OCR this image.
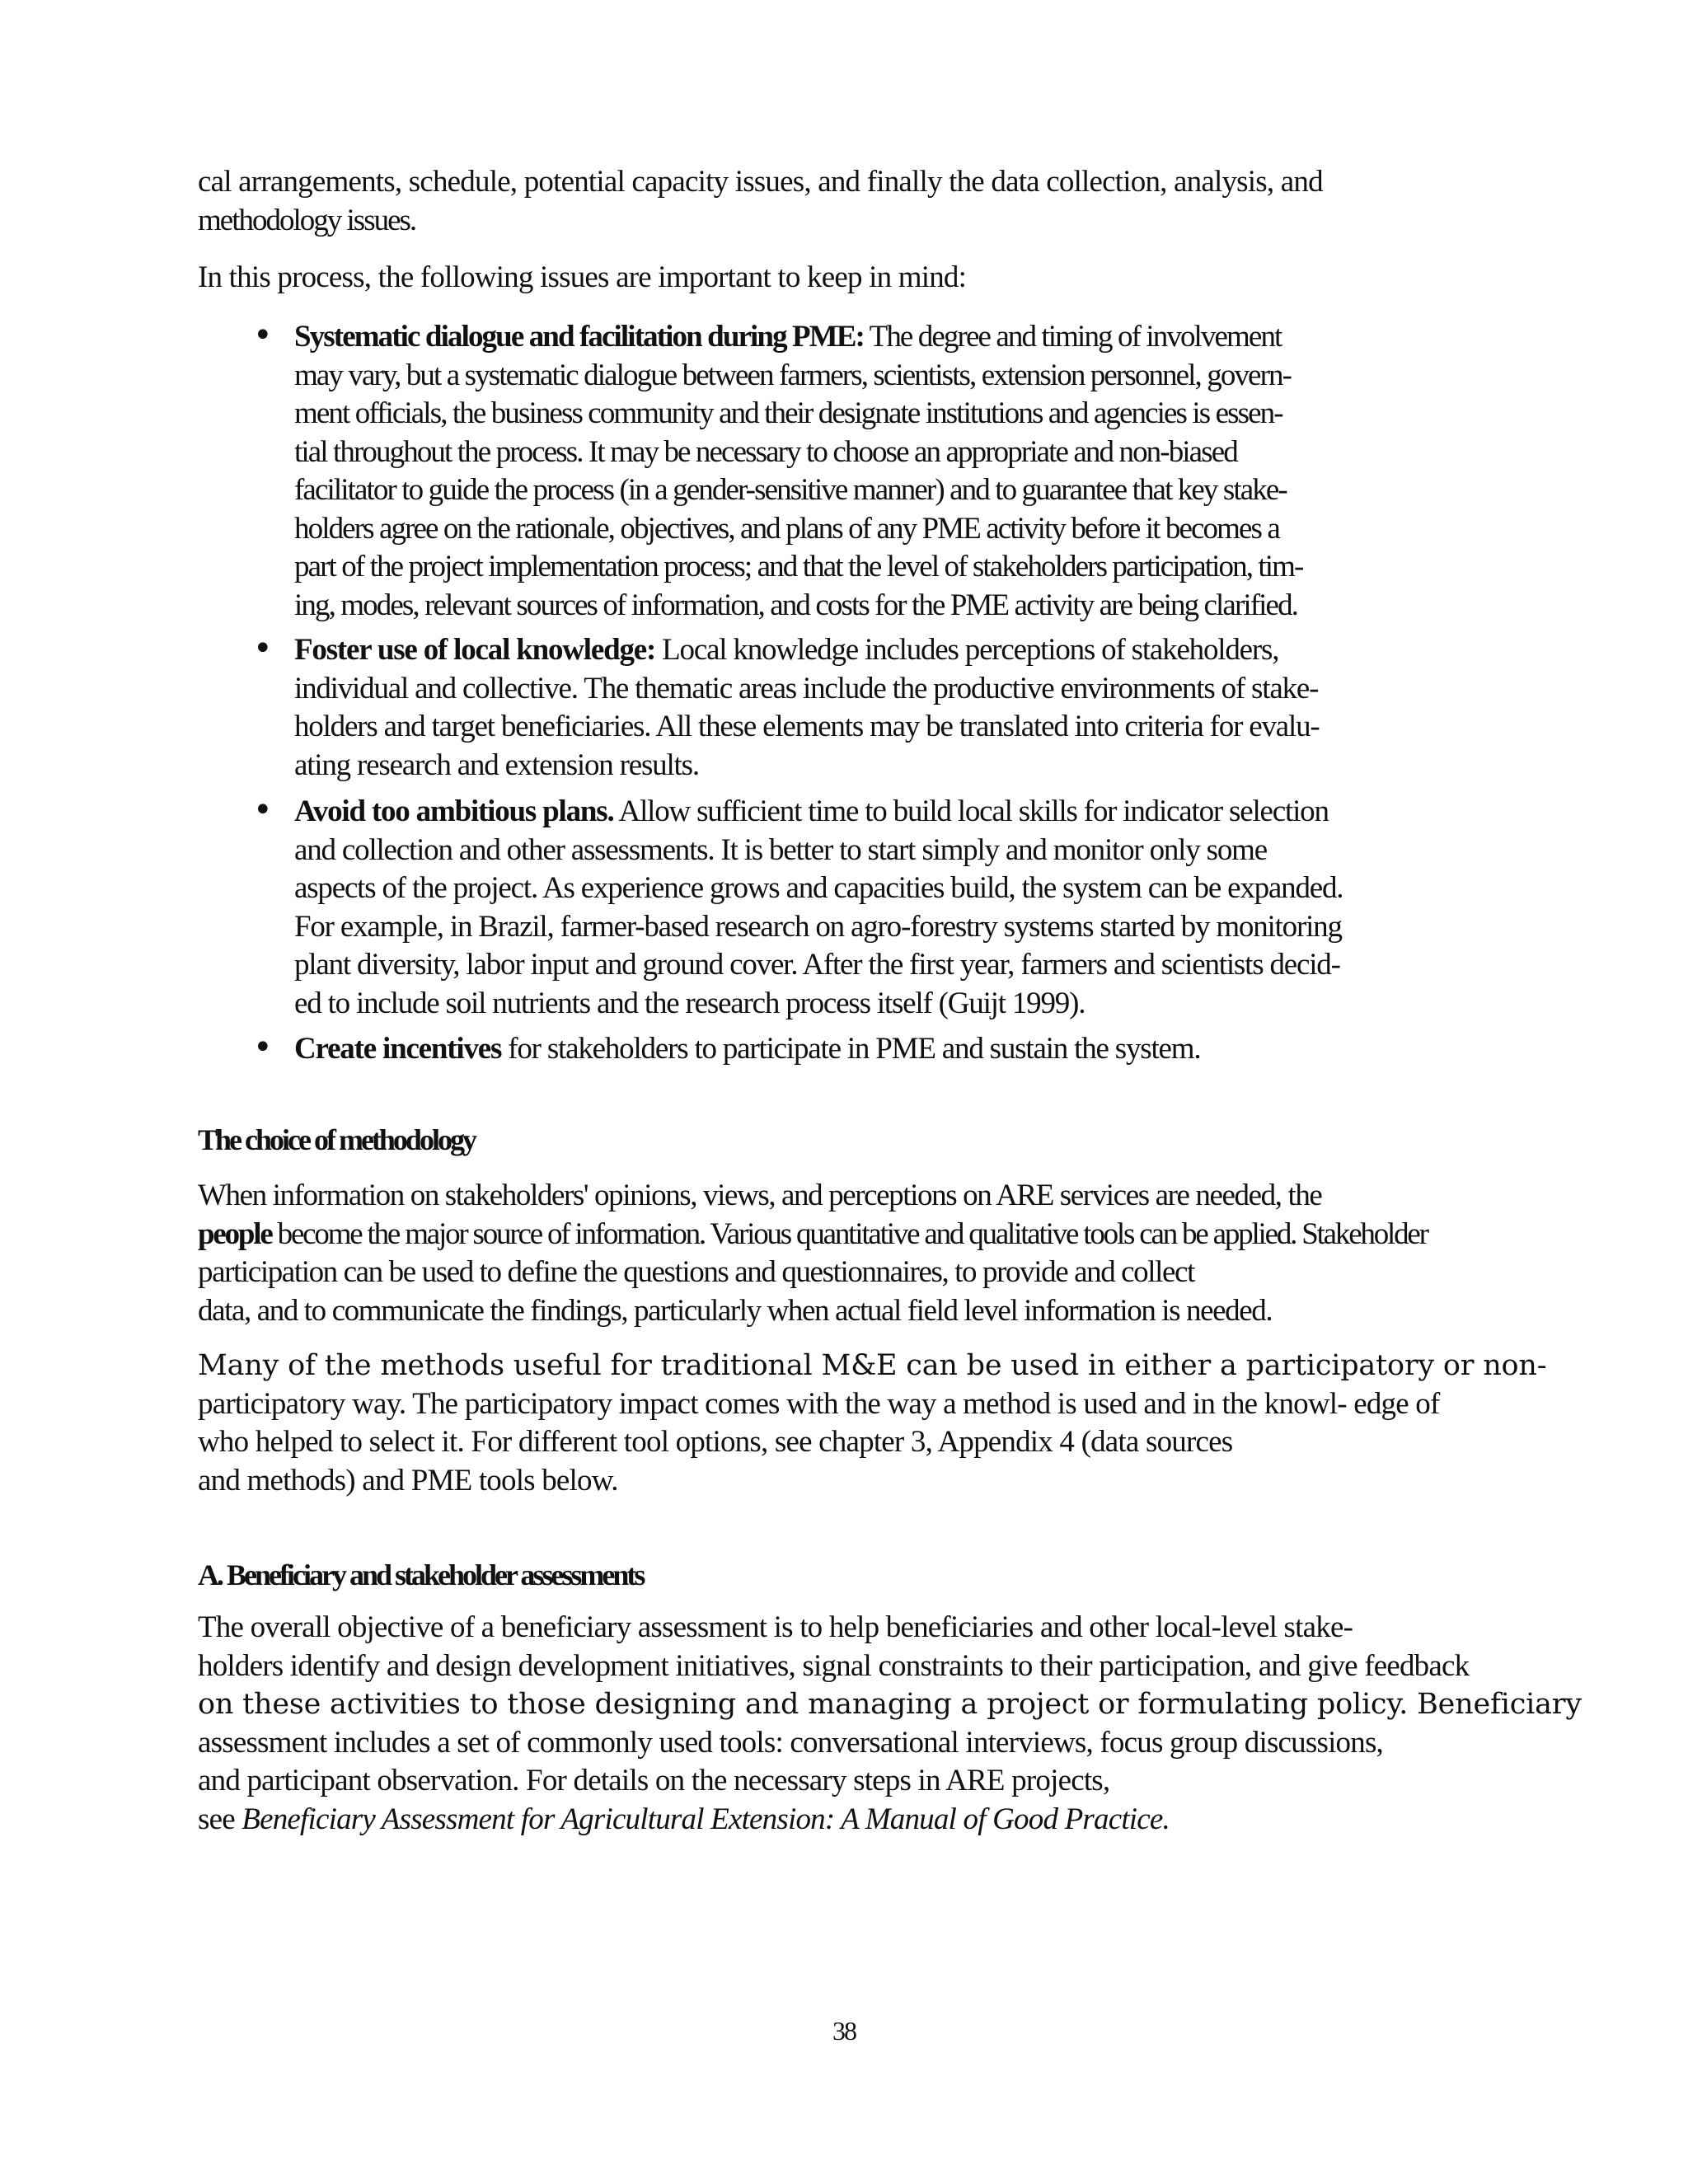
cal arrangements, schedule, potential capacity issues, and finally the data collection, analysis, and
methodology issues.

In this process, the following issues are important to keep in mind:

• Systematic dialogue and facilitation during PME: The degree and timing of involvement
may vary, but a systematic dialogue between farmers, scientists, extension personnel, govern-
ment officials, the business community and their designate institutions and agencies is essen-
tial throughout the process. It may be necessary to choose an appropriate and non-biased
facilitator to guide the process (in a gender-sensitive manner) and to guarantee that key stake-
holders agree on the rationale, objectives, and plans of any PME activity before it becomes a
part of the project implementation process; and that the level of stakeholders participation, tim-
ing, modes, relevant sources of information, and costs for the PME activity are being clarified.
• Foster use of local knowledge: Local knowledge includes perceptions of stakeholders,
individual and collective. The thematic areas include the productive environments of stake-
holders and target beneficiaries. All these elements may be translated into criteria for evalu-
ating research and extension results.
• Avoid too ambitious plans. Allow sufficient time to build local skills for indicator selection
and collection and other assessments. It is better to start simply and monitor only some
aspects of the project. As experience grows and capacities build, the system can be expanded.
For example, in Brazil, farmer-based research on agro-forestry systems started by monitoring
plant diversity, labor input and ground cover. After the first year, farmers and scientists decid-
ed to include soil nutrients and the research process itself (Guijt 1999).
• Create incentives for stakeholders to participate in PME and sustain the system.
The choice of methodology

When information on stakeholders' opinions, views, and perceptions on ARE services are needed, the
people become the major source of information. Various quantitative and qualitative tools can be applied. Stakeholder
participation can be used to define the questions and questionnaires, to provide and collect
data, and to communicate the findings, particularly when actual field level information is needed.

Many of the methods useful for traditional M&E can be used in either a participatory or non-
participatory way. The participatory impact comes with the way a method is used and in the knowl- edge of
who helped to select it. For different tool options, see chapter 3, Appendix 4 (data sources
and methods) and PME tools below.

A. Beneficiary and stakeholder assessments

The overall objective of a beneficiary assessment is to help beneficiaries and other local-level stake-
holders identify and design development initiatives, signal constraints to their participation, and give feedback
on these activities to those designing and managing a project or formulating policy. Beneficiary
assessment includes a set of commonly used tools: conversational interviews, focus group discussions,
and participant observation. For details on the necessary steps in ARE projects,
see Beneficiary Assessment for Agricultural Extension: A Manual of Good Practice.

38
